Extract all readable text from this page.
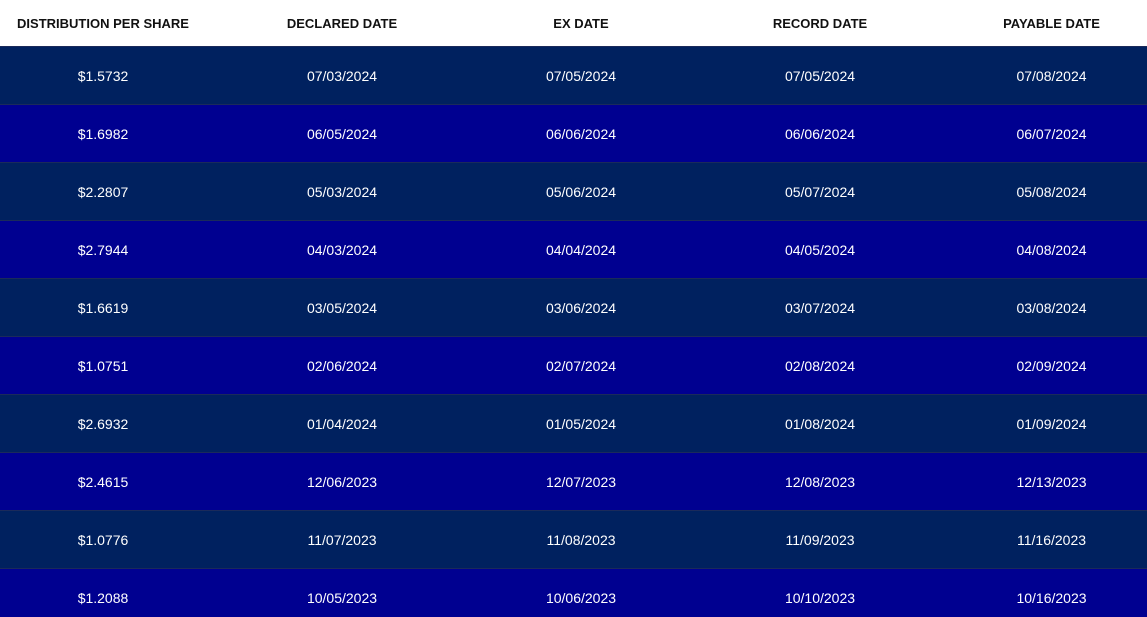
DISTRIBUTION PER SHARE	DECLARED DATE	EX DATE	RECORD DATE	PAYABLE DATE
$1.5732	07/03/2024	07/05/2024	07/05/2024	07/08/2024
$1.6982	06/05/2024	06/06/2024	06/06/2024	06/07/2024
$2.2807	05/03/2024	05/06/2024	05/07/2024	05/08/2024
$2.7944	04/03/2024	04/04/2024	04/05/2024	04/08/2024
$1.6619	03/05/2024	03/06/2024	03/07/2024	03/08/2024
$1.0751	02/06/2024	02/07/2024	02/08/2024	02/09/2024
$2.6932	01/04/2024	01/05/2024	01/08/2024	01/09/2024
$2.4615	12/06/2023	12/07/2023	12/08/2023	12/13/2023
$1.0776	11/07/2023	11/08/2023	11/09/2023	11/16/2023
$1.2088	10/05/2023	10/06/2023	10/10/2023	10/16/2023
